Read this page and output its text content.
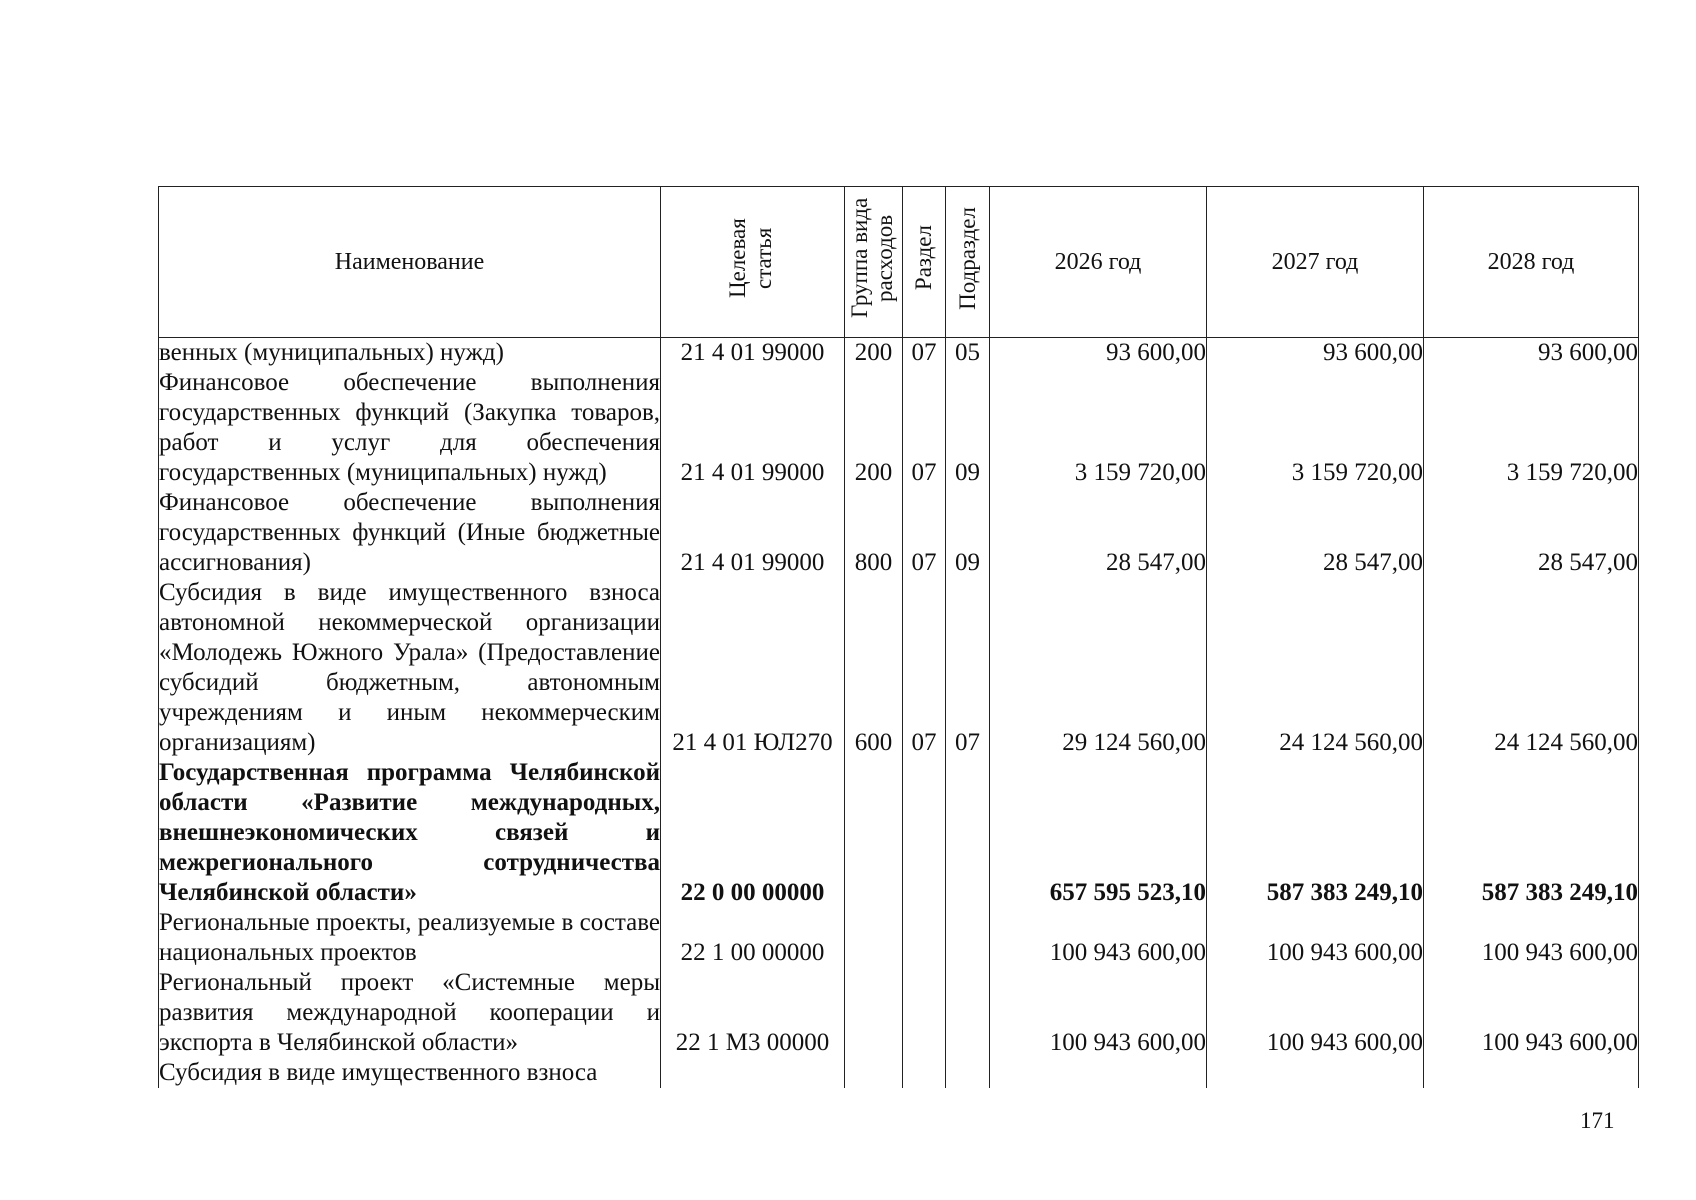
Наименование	Целевая статья	Группа вида расходов	Раздел	Подраздел	2026 год	2027 год	2028 год
венных (муниципальных) нужд)	21 4 01 99000	200	07	05	93 600,00	93 600,00	93 600,00
Финансовое обеспечение выполнения государственных функций (Закупка товаров, работ и услуг для обеспечения государственных (муниципальных) нужд)	21 4 01 99000	200	07	09	3 159 720,00	3 159 720,00	3 159 720,00
Финансовое обеспечение выполнения государственных функций (Иные бюджетные ассигнования)	21 4 01 99000	800	07	09	28 547,00	28 547,00	28 547,00
Субсидия в виде имущественного взноса автономной некоммерческой организации «Молодежь Южного Урала» (Предоставление субсидий бюджетным, автономным учреждениям и иным некоммерческим организациям)	21 4 01 ЮЛ270	600	07	07	29 124 560,00	24 124 560,00	24 124 560,00
Государственная программа Челябинской области «Развитие международных, внешнеэкономических связей и межрегионального сотрудничества Челябинской области»	22 0 00 00000				657 595 523,10	587 383 249,10	587 383 249,10
Региональные проекты, реализуемые в составе национальных проектов	22 1 00 00000				100 943 600,00	100 943 600,00	100 943 600,00
Региональный проект «Системные меры развития международной кооперации и экспорта в Челябинской области»	22 1 М3 00000				100 943 600,00	100 943 600,00	100 943 600,00
Субсидия в виде имущественного взноса							
171
